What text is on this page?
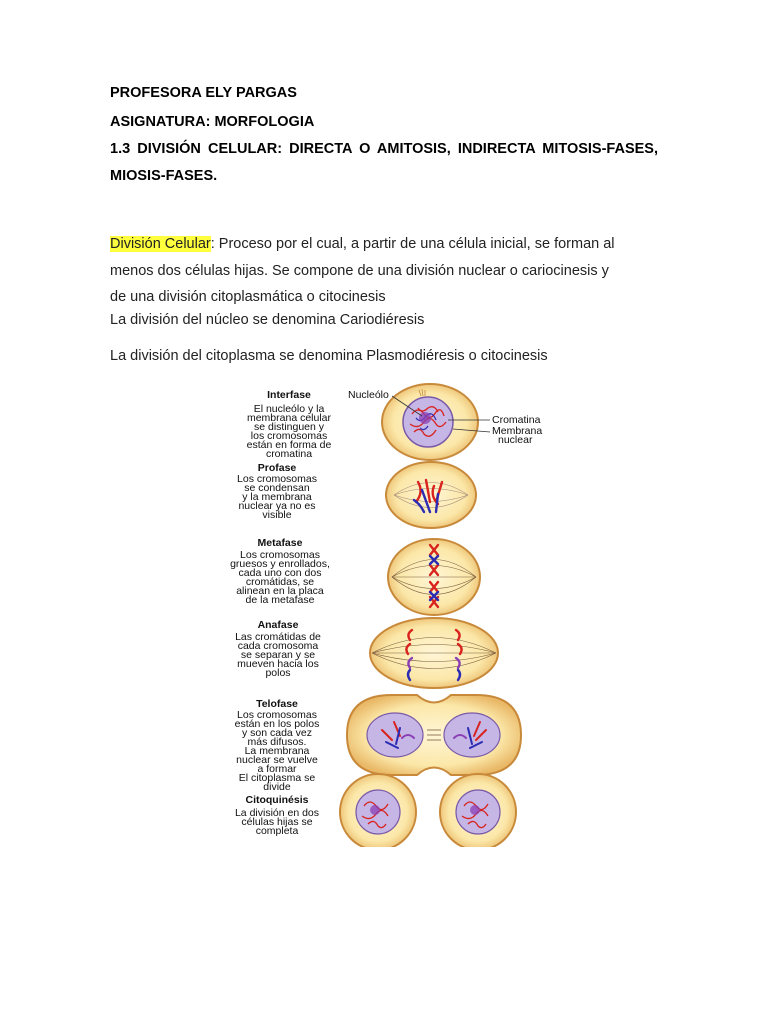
PROFESORA ELY PARGAS
ASIGNATURA: MORFOLOGIA
1.3 DIVISIÓN CELULAR: DIRECTA O AMITOSIS, INDIRECTA MITOSIS-FASES, MIOSIS-FASES.
División Celular: Proceso por el cual, a partir de una célula inicial, se forman al
menos dos células hijas. Se compone de una división nuclear o cariocinesis y
de una división citoplasmática o citocinesis
La división del núcleo se denomina Cariodiéresis
La división del citoplasma se denomina Plasmodiéresis o citocinesis
Interfase
El nucleólo y la
membrana celular
se distinguen y
los cromosomas
están en forma de
cromatina
Profase
Los cromosomas
se condensan
y la membrana
nuclear ya no es
visible
Metafase
Los cromosomas
gruesos y enrollados,
cada uno con dos
cromátidas, se
alinean en la placa
de la metafase
Anafase
Las cromátidas de
cada cromosoma
se separan y se
mueven hacia los
polos
Telofase
Los cromosomas
están en los polos
y son cada vez
más difusos.
La membrana
nuclear se vuelve
a formar
El citoplasma se
divide
Citoquinésis
La división en dos
células hijas se
completa
Nucleólo
Cromatina
Membrana
nuclear
